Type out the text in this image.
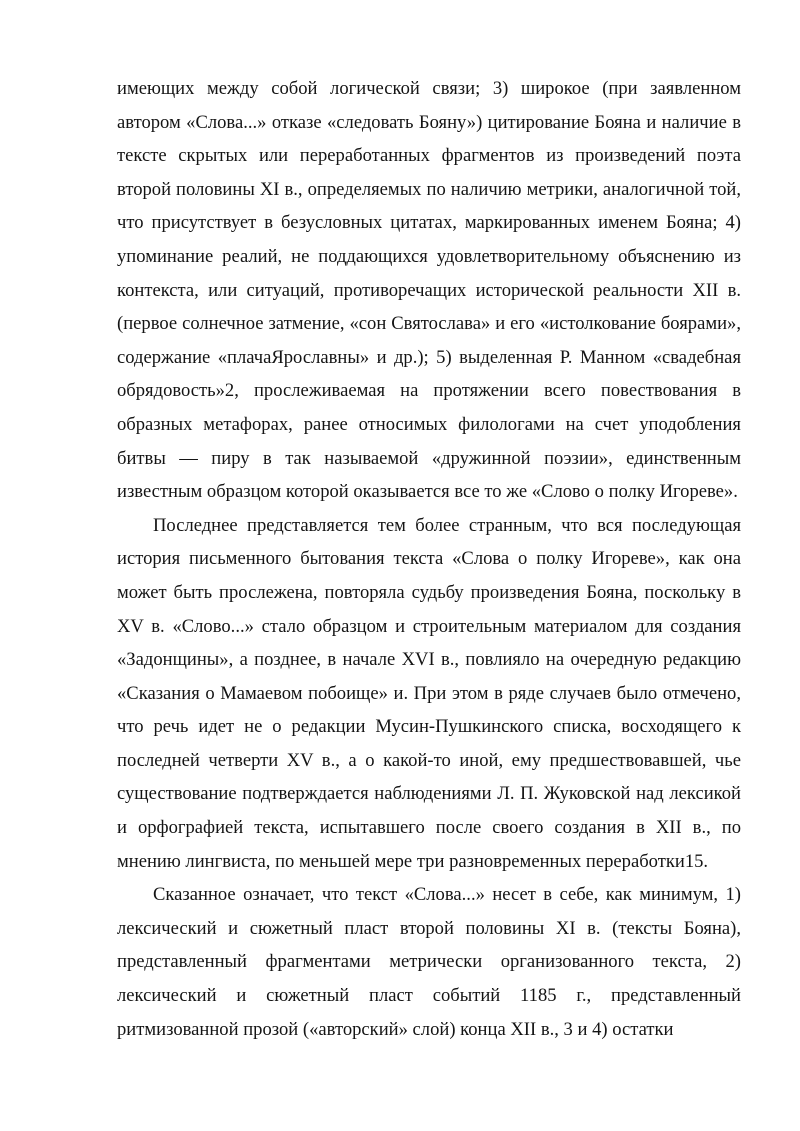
имеющих между собой логической связи; 3) широкое (при заявленном автором «Слова...» отказе «следовать Бояну») цитирование Бояна и наличие в тексте скрытых или переработанных фрагментов из произведений поэта второй половины XI в., определяемых по наличию метрики, аналогичной той, что присутствует в безусловных цитатах, маркированных именем Бояна; 4) упоминание реалий, не поддающихся удовлетворительному объяснению из контекста, или ситуаций, противоречащих исторической реальности XII в. (первое солнечное затмение, «сон Святослава» и его «истолкование боярами», содержание «плачаЯрославны» и др.); 5) выделенная Р. Манном «свадебная обрядовость»2, прослеживаемая на протяжении всего повествования в образных метафорах, ранее относимых филологами на счет уподобления битвы — пиру в так называемой «дружинной поэзии», единственным известным образцом которой оказывается все то же «Слово о полку Игореве».

Последнее представляется тем более странным, что вся последующая история письменного бытования текста «Слова о полку Игореве», как она может быть прослежена, повторяла судьбу произведения Бояна, поскольку в XV в. «Слово...» стало образцом и строительным материалом для создания «Задонщины», а позднее, в начале XVI в., повлияло на очередную редакцию «Сказания о Мамаевом побоище» и. При этом в ряде случаев было отмечено, что речь идет не о редакции Мусин-Пушкинского списка, восходящего к последней четверти XV в., а о какой-то иной, ему предшествовавшей, чье существование подтверждается наблюдениями Л. П. Жуковской над лексикой и орфографией текста, испытавшего после своего создания в XII в., по мнению лингвиста, по меньшей мере три разновременных переработки15.

Сказанное означает, что текст «Слова...» несет в себе, как минимум, 1) лексический и сюжетный пласт второй половины XI в. (тексты Бояна), представленный фрагментами метрически организованного текста, 2) лексический и сюжетный пласт событий 1185 г., представленный ритмизованной прозой («авторский» слой) конца XII в., 3 и 4) остатки
